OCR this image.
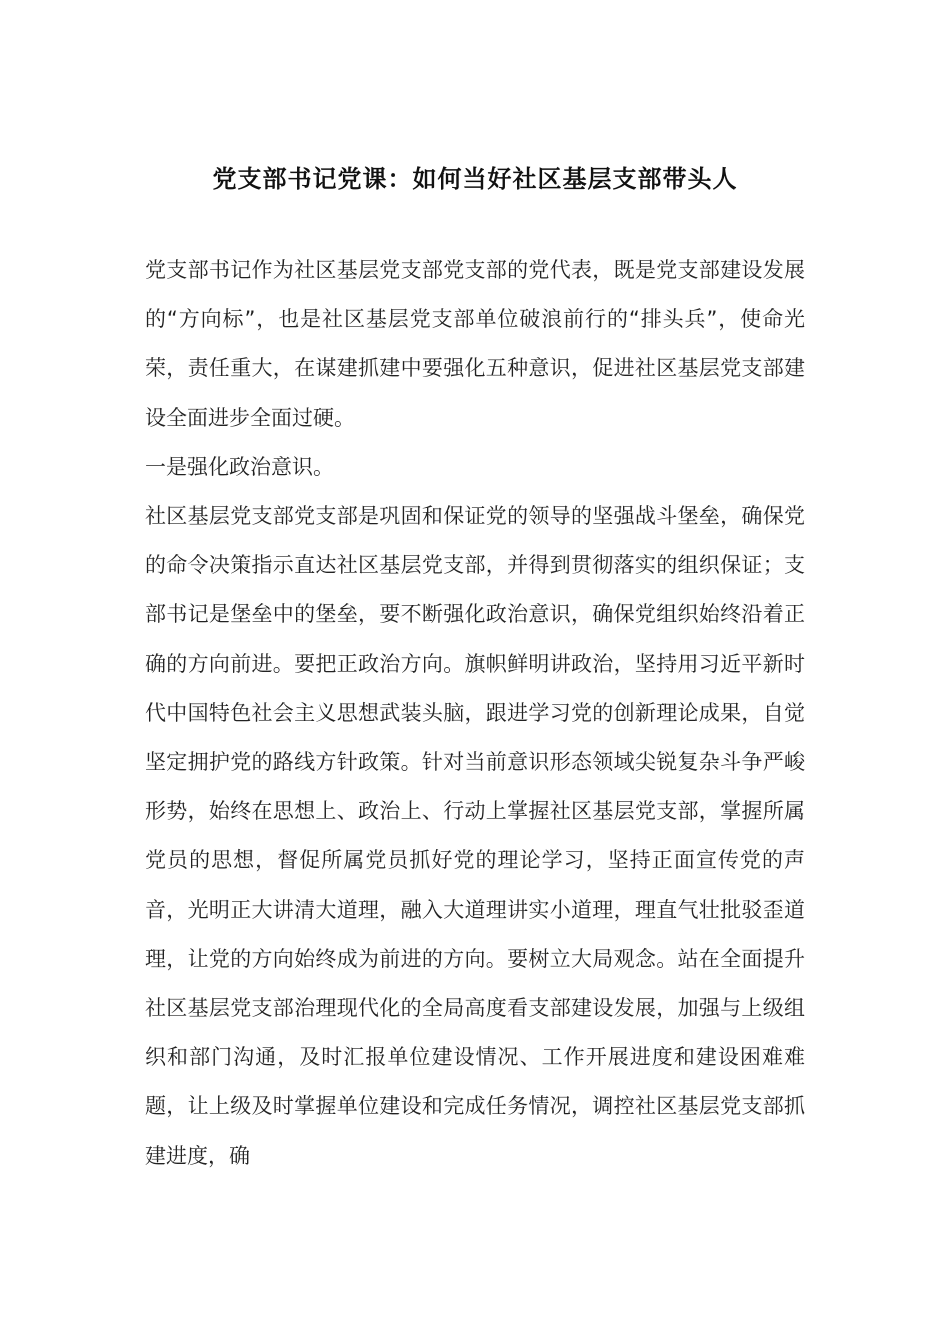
党支部书记党课：如何当好社区基层支部带头人

党支部书记作为社区基层党支部党支部的党代表，既是党支部建设发展的“方向标”，也是社区基层党支部单位破浪前行的“排头兵”，使命光荣，责任重大，在谋建抓建中要强化五种意识，促进社区基层党支部建设全面进步全面过硬。

一是强化政治意识。

社区基层党支部党支部是巩固和保证党的领导的坚强战斗堡垒，确保党的命令决策指示直达社区基层党支部，并得到贯彻落实的组织保证；支部书记是堡垒中的堡垒，要不断强化政治意识，确保党组织始终沿着正确的方向前进。要把正政治方向。旗帜鲜明讲政治，坚持用习近平新时代中国特色社会主义思想武装头脑，跟进学习党的创新理论成果，自觉坚定拥护党的路线方针政策。针对当前意识形态领域尖锐复杂斗争严峻形势，始终在思想上、政治上、行动上掌握社区基层党支部，掌握所属党员的思想，督促所属党员抓好党的理论学习，坚持正面宣传党的声音，光明正大讲清大道理，融入大道理讲实小道理，理直气壮批驳歪道理，让党的方向始终成为前进的方向。要树立大局观念。站在全面提升社区基层党支部治理现代化的全局高度看支部建设发展，加强与上级组织和部门沟通，及时汇报单位建设情况、工作开展进度和建设困难难题，让上级及时掌握单位建设和完成任务情况，调控社区基层党支部抓建进度，确
